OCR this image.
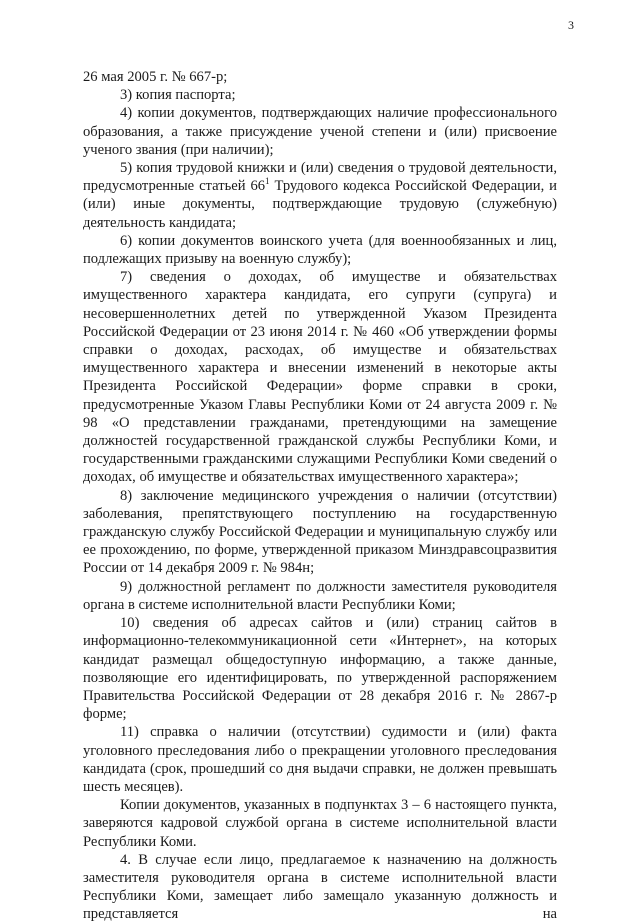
3

26 мая 2005 г. № 667-р;

3) копия паспорта;

4) копии документов, подтверждающих наличие профессионального образования, а также присуждение ученой степени и (или) присвоение ученого звания (при наличии);

5) копия трудовой книжки и (или) сведения о трудовой деятельности, предусмотренные статьей $66^1$ Трудового кодекса Российской Федерации, и (или) иные документы, подтверждающие трудовую (служебную) деятельность кандидата;

6) копии документов воинского учета (для военнообязанных и лиц, подлежащих призыву на военную службу);

7) сведения о доходах, об имуществе и обязательствах имущественного характера кандидата, его супруги (супруга) и несовершеннолетних детей по утвержденной Указом Президента Российской Федерации от 23 июня 2014 г. № 460 «Об утверждении формы справки о доходах, расходах, об имуществе и обязательствах имущественного характера и внесении изменений в некоторые акты Президента Российской Федерации» форме справки в сроки, предусмотренные Указом Главы Республики Коми от 24 августа 2009 г. № 98 «О представлении гражданами, претендующими на замещение должностей государственной гражданской службы Республики Коми, и государственными гражданскими служащими Республики Коми сведений о доходах, об имуществе и обязательствах имущественного характера»;

8) заключение медицинского учреждения о наличии (отсутствии) заболевания, препятствующего поступлению на государственную гражданскую службу Российской Федерации и муниципальную службу или ее прохождению, по форме, утвержденной приказом Минздравсоцразвития России от 14 декабря 2009 г. № 984н;

9) должностной регламент по должности заместителя руководителя органа в системе исполнительной власти Республики Коми;

10) сведения об адресах сайтов и (или) страниц сайтов в информационно-телекоммуникационной сети «Интернет», на которых кандидат размещал общедоступную информацию, а также данные, позволяющие его идентифицировать, по утвержденной распоряжением Правительства Российской Федерации от 28 декабря 2016 г. № 2867-р форме;

11) справка о наличии (отсутствии) судимости и (или) факта уголовного преследования либо о прекращении уголовного преследования кандидата (срок, прошедший со дня выдачи справки, не должен превышать шесть месяцев).

Копии документов, указанных в подпунктах 3 – 6 настоящего пункта, заверяются кадровой службой органа в системе исполнительной власти Республики Коми.

4. В случае если лицо, предлагаемое к назначению на должность заместителя руководителя органа в системе исполнительной власти Республики Коми, замещает либо замещало указанную должность и представляется на
